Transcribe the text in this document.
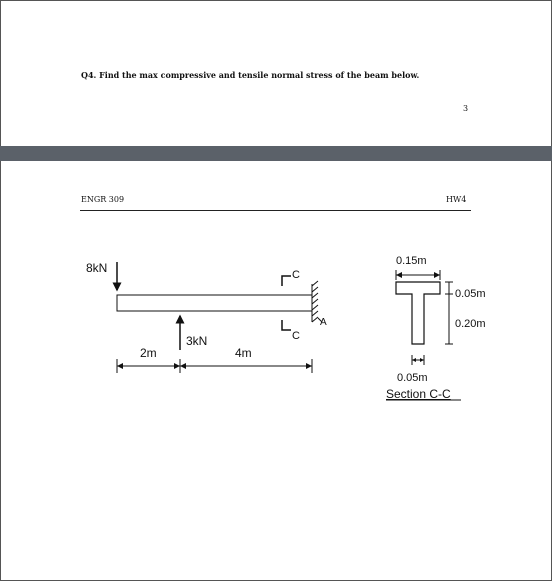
Q4. Find the max compressive and tensile normal stress of the beam below.
3
ENGR 309	HW4
A
8kN
3kN
C
C
2m	4m
0.15m
0.05m
0.20m
0.05m
Section C-C
